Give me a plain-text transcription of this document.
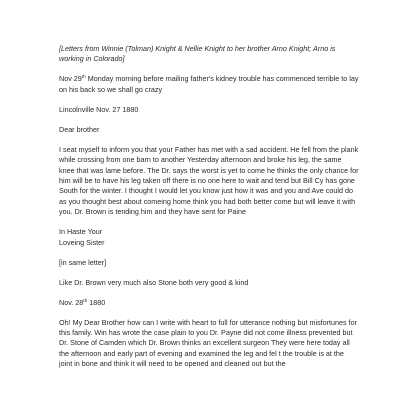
[Letters from Winnie (Tolman) Knight & Nellie Knight to her brother Arno Knight; Arno is working in Colorado]

Nov 29th Monday morning before mailing father's kidney trouble has commenced terrible to lay on his back so we shall go crazy

Lincolnville Nov. 27 1880

Dear brother

I seat myself to inform you that your Father has met with a sad accident. He fell from the plank while crossing from one barn to another Yesterday afternoon and broke his leg, the same knee that was lame before. The Dr. says the worst is yet to come he thinks the only chance for him will be to have his leg taken off there is no one here to wait and tend but Bill Cy has gone South for the winter. I thought I would let you know just how it was and you and Ave could do as you thought best about comeing home think you had both better come but will leave it with you. Dr. Brown is tending him and they have sent for Paine

In Haste Your

Loveing Sister

[in same letter]

Like Dr. Brown very much also Stone both very good & kind

Nov. 28th 1880

Oh! My Dear Brother how can I write with heart to full for utterance nothing but misfortunes for this family. Win has wrote the case plain to you Dr. Payne did not come illness prevented but Dr. Stone of Camden which Dr. Brown thinks an excellent surgeon They were here today all the afternoon and early part of evening and examined the leg and fel t the trouble is at the joint in bone and think it will need to be opened and cleaned out but the
